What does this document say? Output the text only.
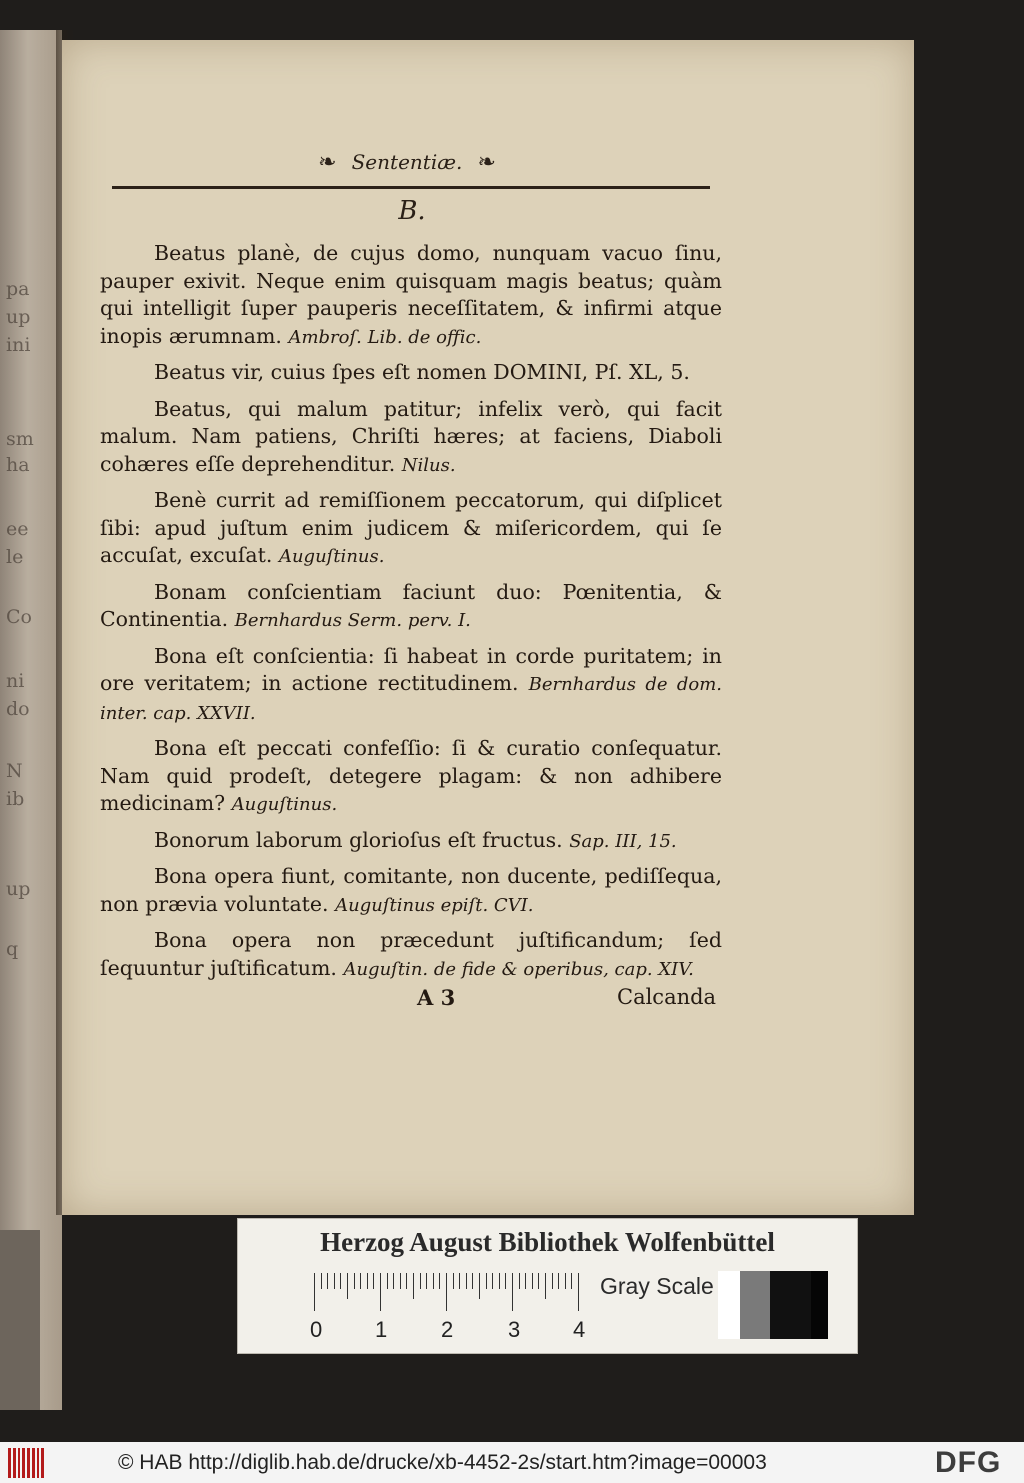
pa
up
ini
sm
ha
ee
le
Co
ni
do
N
ib
up
q
❧ Sententiæ. ❧
B.

Beatus planè, de cujus domo, nunquam vacuo ſinu, pauper exivit. Neque enim quisquam magis beatus; quàm qui intelligit ſuper pauperis neceſſitatem, & infirmi atque inopis ærumnam. Ambroſ. Lib. de offic.

Beatus vir, cuius ſpes eſt nomen DOMINI, Pſ. XL, 5.

Beatus, qui malum patitur; infelix verò, qui facit malum. Nam patiens, Chriſti hæres; at faciens, Diaboli cohæres eſſe deprehenditur. Nilus.

Benè currit ad remiſſionem peccatorum, qui diſplicet ſibi: apud juſtum enim judicem & miſericordem, qui ſe accuſat, excuſat. Auguſtinus.

Bonam conſcientiam faciunt duo: Pœnitentia, & Continentia. Bernhardus Serm. perv. I.

Bona eſt conſcientia: ſi habeat in corde puritatem; in ore veritatem; in actione rectitudinem. Bernhardus de dom. inter. cap. XXVII.

Bona eſt peccati confeſſio: ſi & curatio conſequatur. Nam quid prodeſt, detegere plagam: & non adhibere medicinam? Auguſtinus.

Bonorum laborum glorioſus eſt fructus. Sap. III, 15.

Bona opera fiunt, comitante, non ducente, pediſſequa, non prævia voluntate. Auguſtinus epiſt. CVI.

Bona opera non præcedunt juſtificandum; ſed ſequuntur juſtificatum. Auguſtin. de fide & operibus, cap. XIV.

A 3	Calcanda
Herzog August Bibliothek Wolfenbüttel
0 1 2 3 4
Gray Scale
© HAB http://diglib.hab.de/drucke/xb-4452-2s/start.htm?image=00003	DFG
